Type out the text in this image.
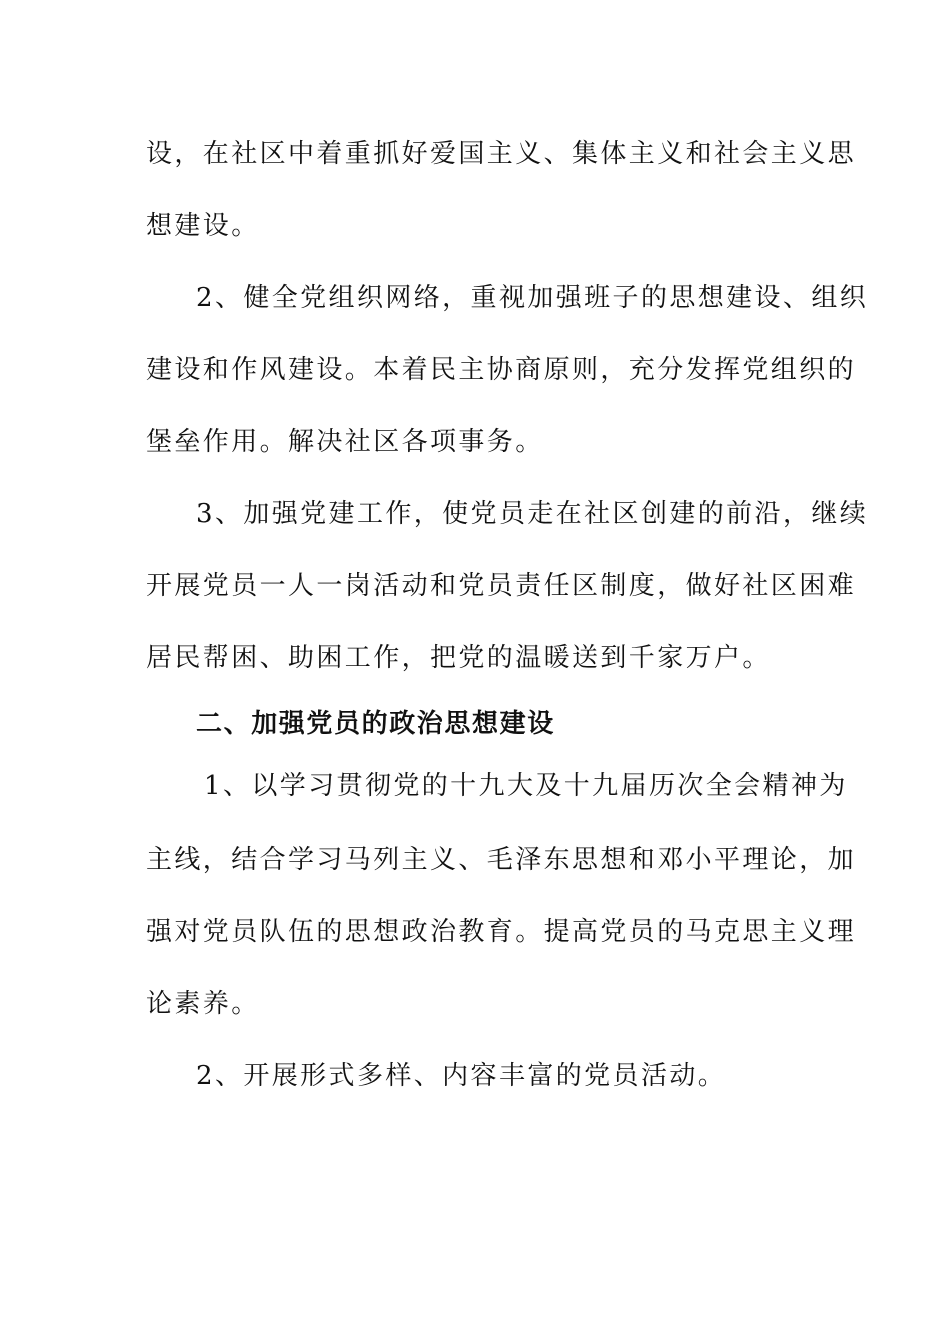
设，在社区中着重抓好爱国主义、集体主义和社会主义思
想建设。
2、健全党组织网络，重视加强班子的思想建设、组织
建设和作风建设。本着民主协商原则，充分发挥党组织的
堡垒作用。解决社区各项事务。
3、加强党建工作，使党员走在社区创建的前沿，继续
开展党员一人一岗活动和党员责任区制度，做好社区困难
居民帮困、助困工作，把党的温暖送到千家万户。
二、加强党员的政治思想建设
1、以学习贯彻党的十九大及十九届历次全会精神为
主线，结合学习马列主义、毛泽东思想和邓小平理论，加
强对党员队伍的思想政治教育。提高党员的马克思主义理
论素养。
2、开展形式多样、内容丰富的党员活动。
